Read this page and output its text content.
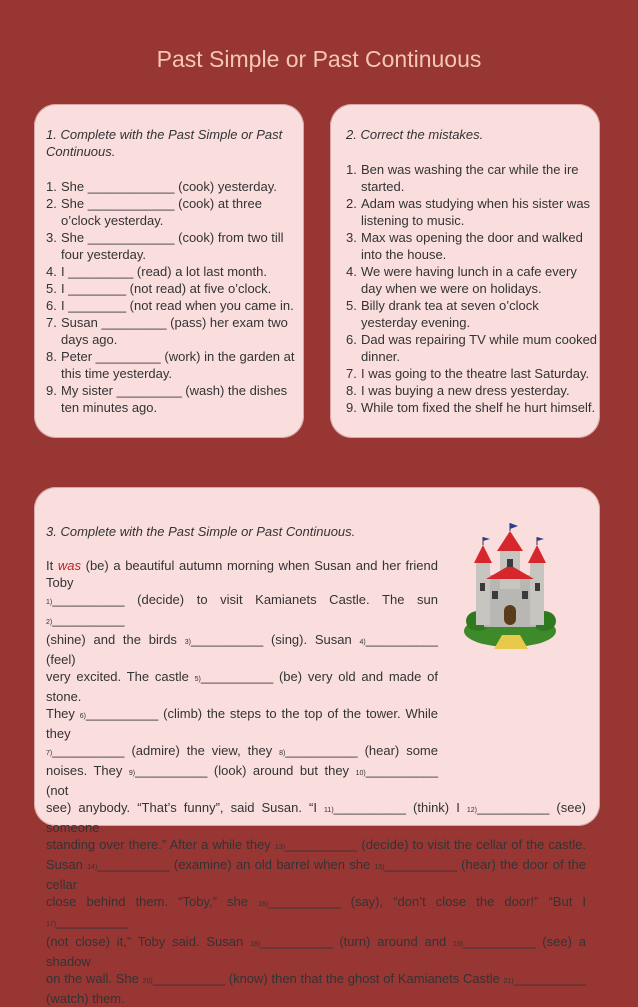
Past Simple or Past Continuous
1. Complete with the Past Simple or Past Continuous.
1. She ____________ (cook) yesterday.
2. She ____________ (cook) at three o’clock yesterday.
3. She ____________ (cook) from two till four yesterday.
4. I _________ (read) a lot last month.
5. I ________ (not read) at five o’clock.
6. I ________ (not read when you came in.
7. Susan _________ (pass) her exam two days ago.
8. Peter _________ (work) in the garden at this time yesterday.
9. My sister _________ (wash) the dishes ten minutes ago.
2. Correct the mistakes.
1. Ben was washing the car while the ire started.
2. Adam was studying when his sister was listening to music.
3. Max was opening the door and walked into the house.
4. We were having lunch in a cafe every day when we were on holidays.
5. Billy drank tea at seven o’clock yesterday evening.
6. Dad was repairing TV while mum cooked dinner.
7. I was going to the theatre last Saturday.
8. I was buying a new dress yesterday.
9. While tom fixed the shelf he hurt himself.
3. Complete with the Past Simple or Past Continuous.
It was (be) a beautiful autumn morning when Susan and her friend Toby
1)__________ (decide) to visit Kamianets Castle. The sun 2)__________
(shine) and the birds 3)__________ (sing). Susan 4)__________ (feel)
very excited. The castle 5)__________ (be) very old and made of stone.
They 6)__________ (climb) the steps to the top of the tower. While they
7)__________ (admire) the view, they 8)__________ (hear) some
noises. They 9)__________ (look) around but they 10)__________ (not
see) anybody. “That’s funny”, said Susan. “I 11)__________ (think) I 12)__________ (see) someone
standing over there.” After a while they 13)__________ (decide) to visit the cellar of the castle.
Susan 14)__________ (examine) an old barrel when she 15)__________ (hear) the door of the cellar
close behind them. “Toby,” she 16)__________ (say), “don’t close the door!” “But I 17)__________
(not close) it,” Toby said. Susan 18)__________ (turn) around and 19)__________ (see) a shadow
on the wall. She 20)__________ (know) then that the ghost of Kamianets Castle 21)__________
(watch) them.
